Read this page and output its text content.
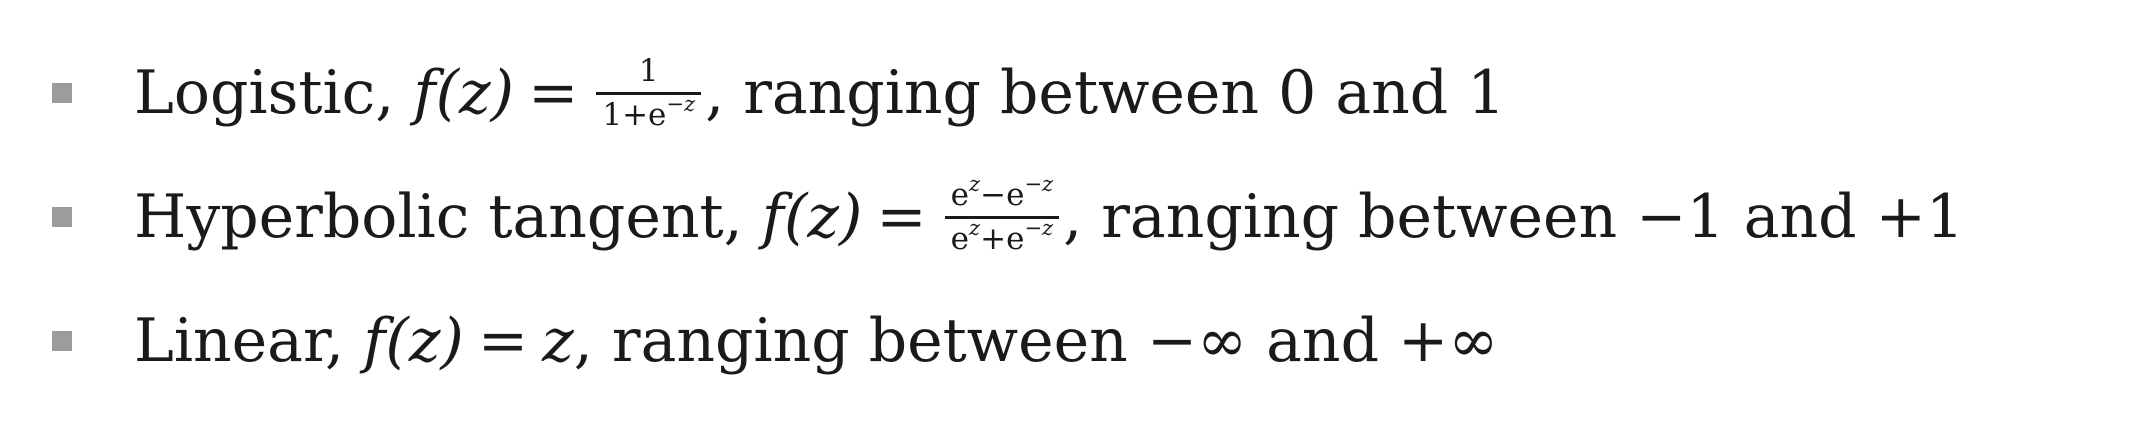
Logistic,
$f(z) = \frac{1}{1+e^{-z}}$ , ranging between 0 and 1
Hyperbolic tangent,
$f(z) = \frac{e^z-e^{-z}}{e^z+e^{-z}}$ , ranging between −1 and +1
Linear,
f(z) = z , ranging between −∞ and +∞
